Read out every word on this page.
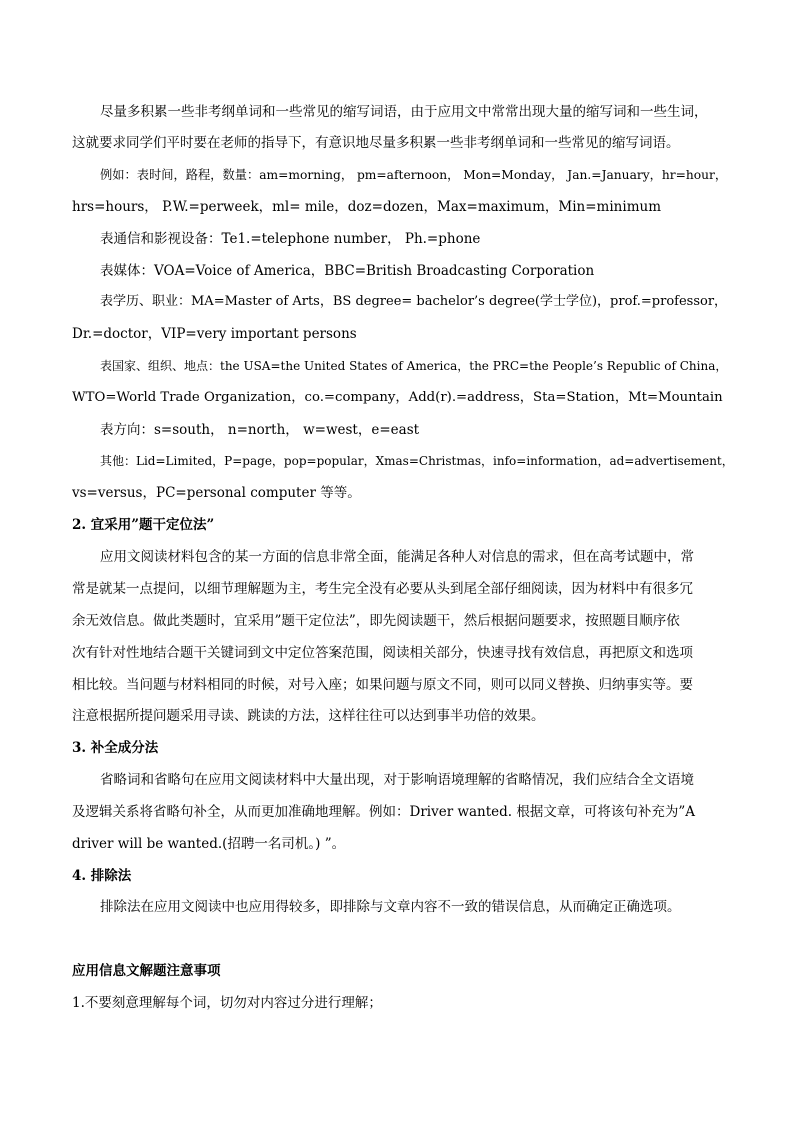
尽量多积累一些非考纲单词和一些常见的缩写词语，由于应用文中常常出现大量的缩写词和一些生词，
这就要求同学们平时要在老师的指导下，有意识地尽量多积累一些非考纲单词和一些常见的缩写词语。
例如：表时间，路程，数量：am=morning， pm=afternoon， Mon=Monday， Jan.=January，hr=hour，
hrs=hours， P.W.=perweek，ml= mile，doz=dozen，Max=maximum，Min=minimum
表通信和影视设备：Te1.=telephone number， Ph.=phone
表媒体：VOA=Voice of America，BBC=British Broadcasting Corporation
表学历、职业：MA=Master of Arts，BS degree= bachelor’s degree(学士学位)，prof.=professor，
Dr.=doctor，VIP=very important persons
表国家、组织、地点：the USA=the United States of America，the PRC=the People’s Republic of China，
WTO=World Trade Organization，co.=company，Add(r).=address，Sta=Station，Mt=Mountain
表方向：s=south， n=north， w=west，e=east
其他：Lid=Limited，P=page，pop=popular，Xmas=Christmas，info=information，ad=advertisement，
vs=versus，PC=personal computer 等等。
2. 宜采用”题干定位法”
应用文阅读材料包含的某一方面的信息非常全面，能满足各种人对信息的需求，但在高考试题中，常
常是就某一点提问，以细节理解题为主，考生完全没有必要从头到尾全部仔细阅读，因为材料中有很多冗
余无效信息。做此类题时，宜采用”题干定位法”，即先阅读题干，然后根据问题要求，按照题目顺序依
次有针对性地结合题干关键词到文中定位答案范围，阅读相关部分，快速寻找有效信息，再把原文和选项
相比较。当问题与材料相同的时候，对号入座；如果问题与原文不同，则可以同义替换、归纳事实等。要
注意根据所提问题采用寻读、跳读的方法，这样往往可以达到事半功倍的效果。
3. 补全成分法
省略词和省略句在应用文阅读材料中大量出现，对于影响语境理解的省略情况，我们应结合全文语境
及逻辑关系将省略句补全，从而更加准确地理解。例如：Driver wanted. 根据文章，可将该句补充为”A
driver will be wanted.(招聘一名司机。) ”。
4. 排除法
排除法在应用文阅读中也应用得较多，即排除与文章内容不一致的错误信息，从而确定正确选项。
应用信息文解题注意事项
1.不要刻意理解每个词，切勿对内容过分进行理解；
